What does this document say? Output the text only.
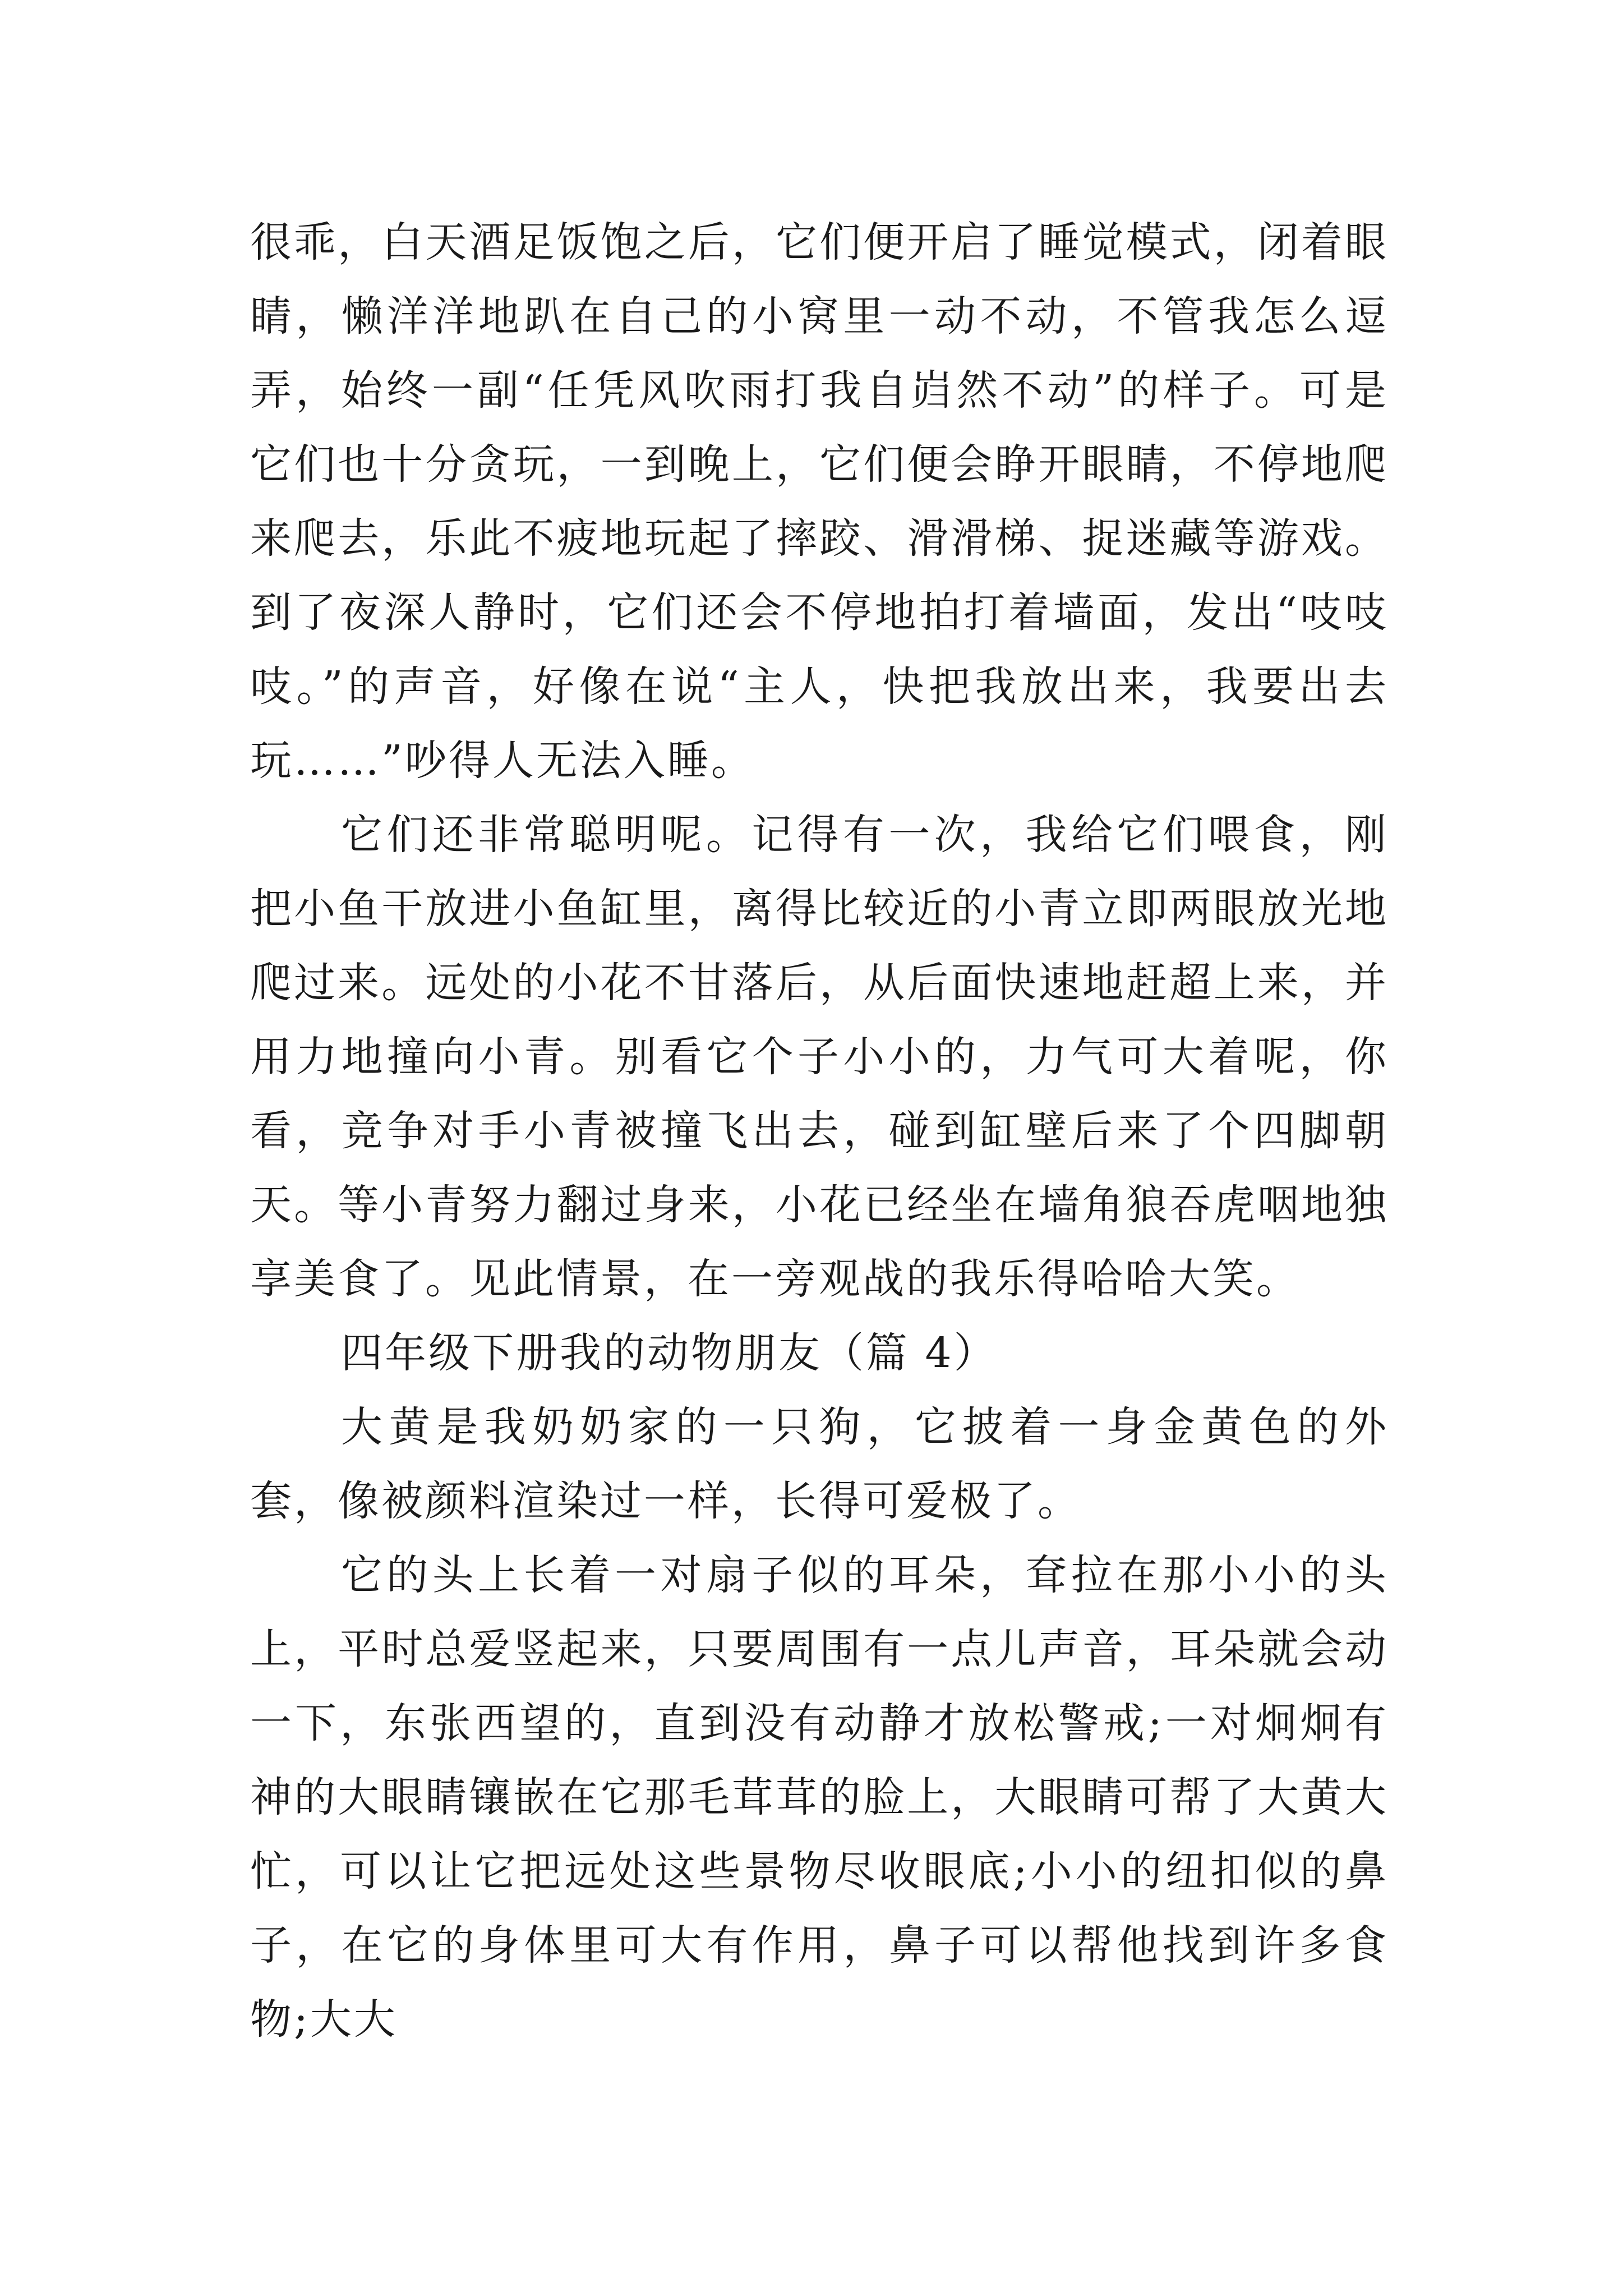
很乖，白天酒足饭饱之后，它们便开启了睡觉模式，闭着眼睛，懒洋洋地趴在自己的小窝里一动不动，不管我怎么逗弄，始终一副“任凭风吹雨打我自岿然不动”的样子。可是它们也十分贪玩，一到晚上，它们便会睁开眼睛，不停地爬来爬去，乐此不疲地玩起了摔跤、滑滑梯、捉迷藏等游戏。到了夜深人静时，它们还会不停地拍打着墙面，发出“吱吱吱。”的声音，好像在说“主人，快把我放出来，我要出去玩……”吵得人无法入睡。

它们还非常聪明呢。记得有一次，我给它们喂食，刚把小鱼干放进小鱼缸里，离得比较近的小青立即两眼放光地爬过来。远处的小花不甘落后，从后面快速地赶超上来，并用力地撞向小青。别看它个子小小的，力气可大着呢，你看，竞争对手小青被撞飞出去，碰到缸壁后来了个四脚朝天。等小青努力翻过身来，小花已经坐在墙角狼吞虎咽地独享美食了。见此情景，在一旁观战的我乐得哈哈大笑。

四年级下册我的动物朋友（篇 4）

大黄是我奶奶家的一只狗，它披着一身金黄色的外套，像被颜料渲染过一样，长得可爱极了。

它的头上长着一对扇子似的耳朵，耷拉在那小小的头上，平时总爱竖起来，只要周围有一点儿声音，耳朵就会动一下，东张西望的，直到没有动静才放松警戒;一对炯炯有神的大眼睛镶嵌在它那毛茸茸的脸上，大眼睛可帮了大黄大忙，可以让它把远处这些景物尽收眼底;小小的纽扣似的鼻子，在它的身体里可大有作用，鼻子可以帮他找到许多食物;大大
